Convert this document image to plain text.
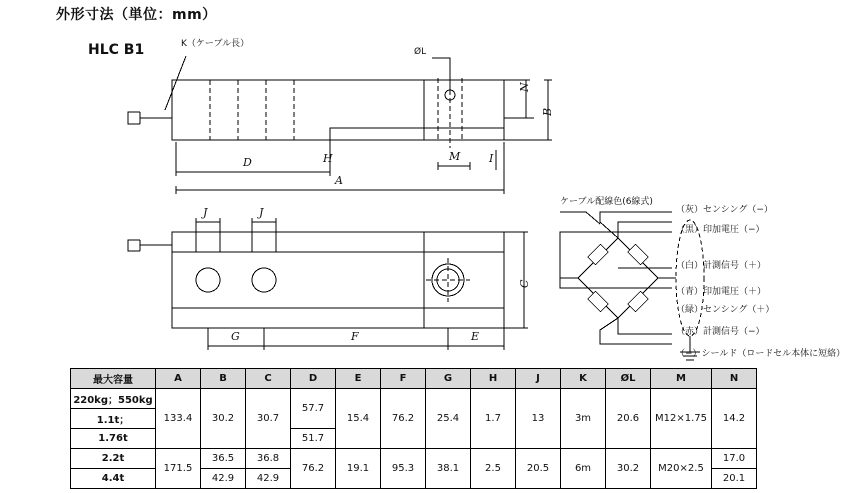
外形寸法（単位：mm）
HLC B1	K（ケーブル長）
ØL
D
A
M	I
N
B
H
J	J
G	F	E
C
ケーブル配線色(6線式)
（灰）センシング（−）
（黒）印加電圧（−）
（白）計測信号（＋）
（青）印加電圧（＋）
（緑）センシング（＋）
（赤）計測信号（−）
（−）シールド（ロードセル本体に短絡）
最大容量	A	B	C	D	E	F	G	H	J	K	ØL	M	N
220kg；550kg	133.4	30.2	30.7	57.7	15.4	76.2	25.4	1.7	13	3m	20.6	M12×1.75	14.2
1.1t；													
1.76t				51.7									
2.2t	171.5	36.5	36.8	76.2	19.1	95.3	38.1	2.5	20.5	6m	30.2	M20×2.5	17.0
4.4t		42.9	42.9										20.1
